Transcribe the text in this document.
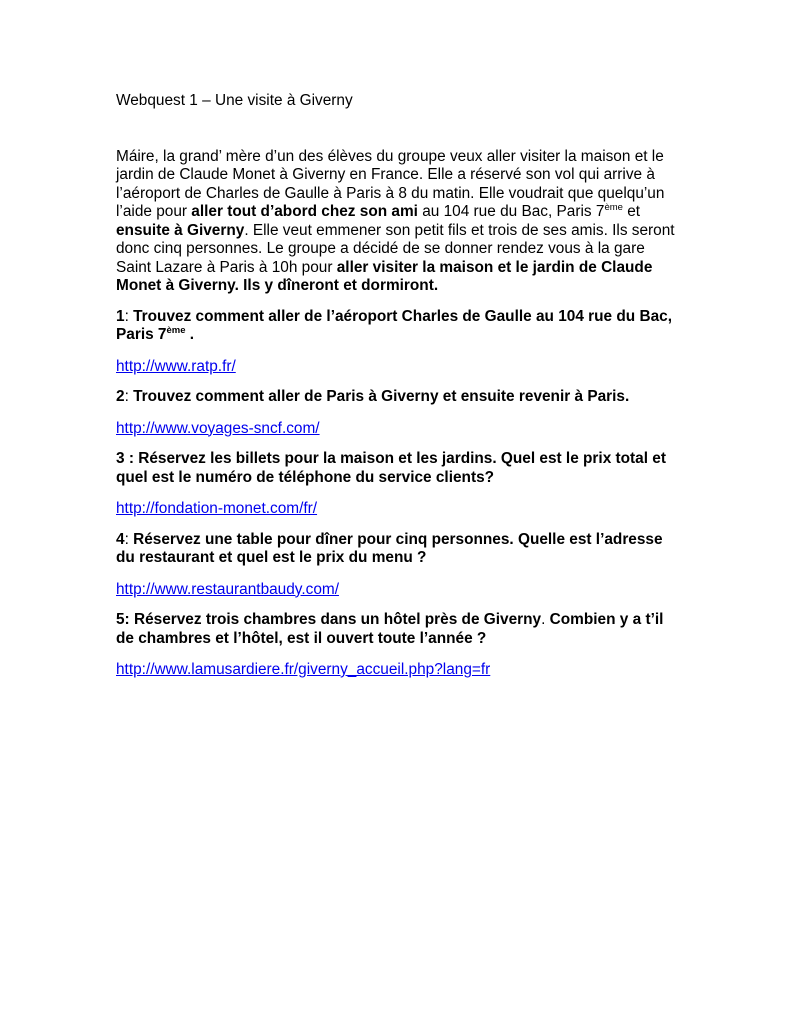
Webquest 1 – Une visite à Giverny

Máire, la grand’ mère d’un des élèves du groupe veux aller visiter la maison et le jardin de Claude Monet à Giverny en France. Elle a réservé son vol qui arrive à l’aéroport de Charles de Gaulle à Paris à 8 du matin. Elle voudrait que quelqu’un l’aide pour aller tout d’abord chez son ami au 104 rue du Bac, Paris 7ème et ensuite à Giverny. Elle veut emmener son petit fils et trois de ses amis. Ils seront donc cinq personnes. Le groupe a décidé de se donner rendez vous à la gare Saint Lazare à Paris à 10h pour aller visiter la maison et le jardin de Claude Monet à Giverny. Ils y dîneront et dormiront.

1: Trouvez comment aller de l’aéroport Charles de Gaulle au 104 rue du Bac, Paris 7ème .

http://www.ratp.fr/

2: Trouvez comment aller de Paris à Giverny et ensuite revenir à Paris.

http://www.voyages-sncf.com/

3 : Réservez les billets pour la maison et les jardins. Quel est le prix total et quel est le numéro de téléphone du service clients?

http://fondation-monet.com/fr/

4: Réservez une table pour dîner pour cinq personnes. Quelle est l’adresse du restaurant et quel est le prix du menu ?

http://www.restaurantbaudy.com/

5: Réservez trois chambres dans un hôtel près de Giverny. Combien y a t’il de chambres et l’hôtel, est il ouvert toute l’année ?

http://www.lamusardiere.fr/giverny_accueil.php?lang=fr
